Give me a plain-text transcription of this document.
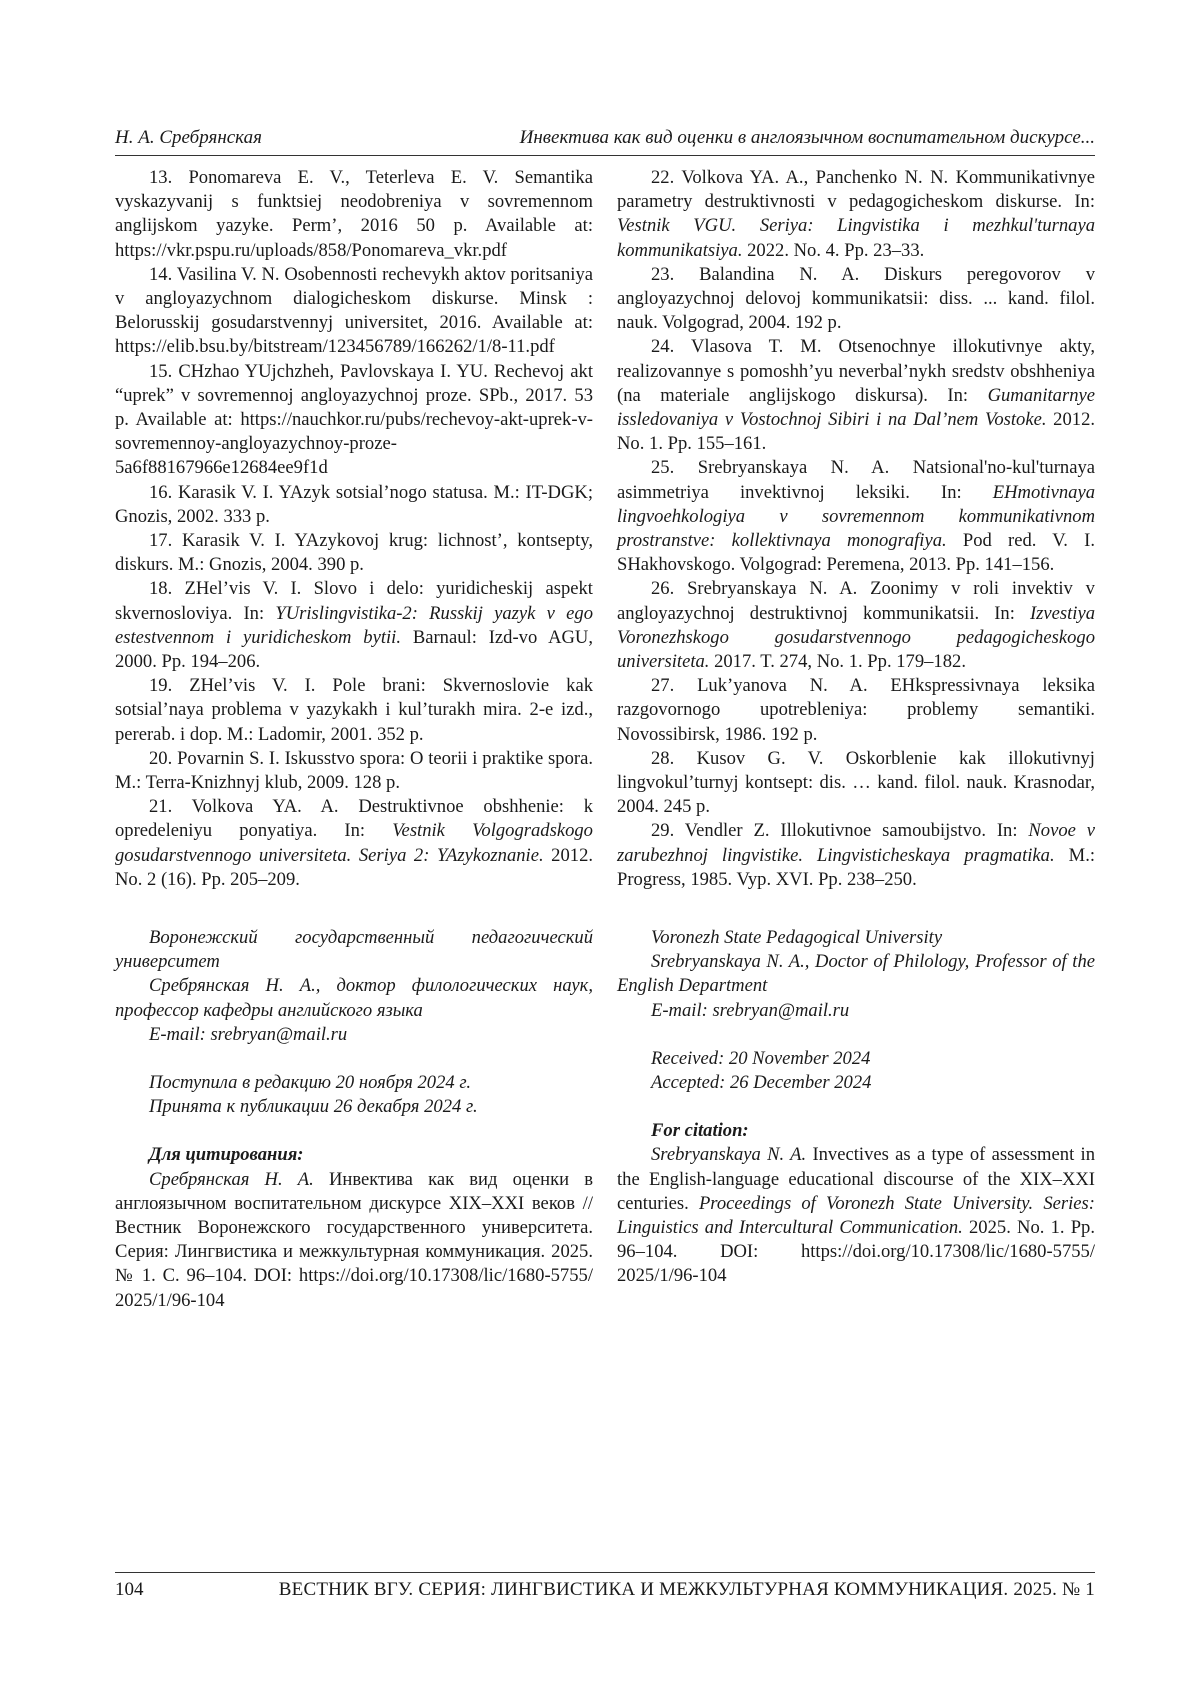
Н. А. Сребрянская	Инвектива как вид оценки в англоязычном воспитательном дискурсе...

13. Ponomareva E. V., Teterleva E. V. Semantika vyskazyvanij s funktsiej neodobreniya v sovremennom anglijskom yazyke. Perm’, 2016 50 p. Available at: https://vkr.pspu.ru/uploads/858/Ponomareva_vkr.pdf

14. Vasilina V. N. Osobennosti rechevykh aktov poritsaniya v angloyazychnom dialogicheskom diskurse. Minsk : Belorusskij gosudarstvennyj universitet, 2016. Available at: https://elib.bsu.by/bitstream/123456789/166262/1/8-11.pdf

15. CHzhao YUjchzheh, Pavlovskaya I. YU. Rechevoj akt “uprek” v sovremennoj angloyazychnoj proze. SPb., 2017. 53 p. Available at: https://nauchkor.ru/pubs/rechevoy-akt-uprek-v-sovremennoy-angloyazychnoy-proze-5a6f88167966e12684ee9f1d

16. Karasik V. I. YAzyk sotsial’nogo statusa. M.: IT-DGK; Gnozis, 2002. 333 p.

17. Karasik V. I. YAzykovoj krug: lichnost’, kontsepty, diskurs. M.: Gnozis, 2004. 390 p.

18. ZHel’vis V. I. Slovo i delo: yuridicheskij aspekt skvernosloviya. In: YUrislingvistika-2: Russkij yazyk v ego estestvennom i yuridicheskom bytii. Barnaul: Izd-vo AGU, 2000. Pp. 194–206.

19. ZHel’vis V. I. Pole brani: Skvernoslovie kak sotsial’naya problema v yazykakh i kul’turakh mira. 2-e izd., pererab. i dop. M.: Ladomir, 2001. 352 p.

20. Povarnin S. I. Iskusstvo spora: O teorii i praktike spora. M.: Terra-Knizhnyj klub, 2009. 128 p.

21. Volkova YA. A. Destruktivnoe obshhenie: k opredeleniyu ponyatiya. In: Vestnik Volgogradskogo gosudarstvennogo universiteta. Seriya 2: YAzykoznanie. 2012. No. 2 (16). Pp. 205–209.

22. Volkova YA. A., Panchenko N. N. Kommunikativnye parametry destruktivnosti v pedagogicheskom diskurse. In: Vestnik VGU. Seriya: Lingvistika i mezhkul'turnaya kommunikatsiya. 2022. No. 4. Pp. 23–33.

23. Balandina N. A. Diskurs peregovorov v angloyazychnoj delovoj kommunikatsii: diss. ... kand. filol. nauk. Volgograd, 2004. 192 p.

24. Vlasova T. M. Otsenochnye illokutivnye akty, realizovannye s pomoshh’yu neverbal’nykh sredstv obshheniya (na materiale anglijskogo diskursa). In: Gumanitarnye issledovaniya v Vostochnoj Sibiri i na Dal’nem Vostoke. 2012. No. 1. Pp. 155–161.

25. Srebryanskaya N. A. Natsional'no-kul'turnaya asimmetriya invektivnoj leksiki. In: EHmotivnaya lingvoehkologiya v sovremennom kommunikativnom prostranstve: kollektivnaya monografiya. Pod red. V. I. SHakhovskogo. Volgograd: Peremena, 2013. Pp. 141–156.

26. Srebryanskaya N. A. Zoonimy v roli invektiv v angloyazychnoj destruktivnoj kommunikatsii. In: Izvestiya Voronezhskogo gosudarstvennogo pedagogicheskogo universiteta. 2017. T. 274, No. 1. Pp. 179–182.

27. Luk’yanova N. A. EHkspressivnaya leksika razgovornogo upotrebleniya: problemy semantiki. Novossibirsk, 1986. 192 p.

28. Kusov G. V. Oskorblenie kak illokutivnyj lingvokul’turnyj kontsept: dis. … kand. filol. nauk. Krasnodar, 2004. 245 p.

29. Vendler Z. Illokutivnoe samoubijstvo. In: Novoe v zarubezhnoj lingvistike. Lingvisticheskaya pragmatika. M.: Progress, 1985. Vyp. XVI. Pp. 238–250.

Воронежский государственный педагогический университет

Сребрянская Н. А., доктор филологических наук, профессор кафедры английского языка

E-mail: srebryan@mail.ru

Поступила в редакцию 20 ноября 2024 г.

Принята к публикации 26 декабря 2024 г.

Для цитирования:

Сребрянская Н. А. Инвектива как вид оценки в англоязычном воспитательном дискурсе XIX–XXI веков // Вестник Воронежского государственного университета. Серия: Лингвистика и межкультурная коммуникация. 2025. № 1. С. 96–104. DOI: https://doi.org/10.17308/lic/1680-5755/ 2025/1/96-104

Voronezh State Pedagogical University

Srebryanskaya N. A., Doctor of Philology, Professor of the English Department

E-mail: srebryan@mail.ru

Received: 20 November 2024

Accepted: 26 December 2024

For citation:

Srebryanskaya N. A. Invectives as a type of assessment in the English-language educational discourse of the XIX–XXI centuries. Proceedings of Voronezh State University. Series: Linguistics and Intercultural Communication. 2025. No. 1. Pp. 96–104. DOI: https://doi.org/10.17308/lic/1680-5755/ 2025/1/96-104

104	ВЕСТНИК ВГУ. СЕРИЯ: ЛИНГВИСТИКА И МЕЖКУЛЬТУРНАЯ КОММУНИКАЦИЯ. 2025. № 1
